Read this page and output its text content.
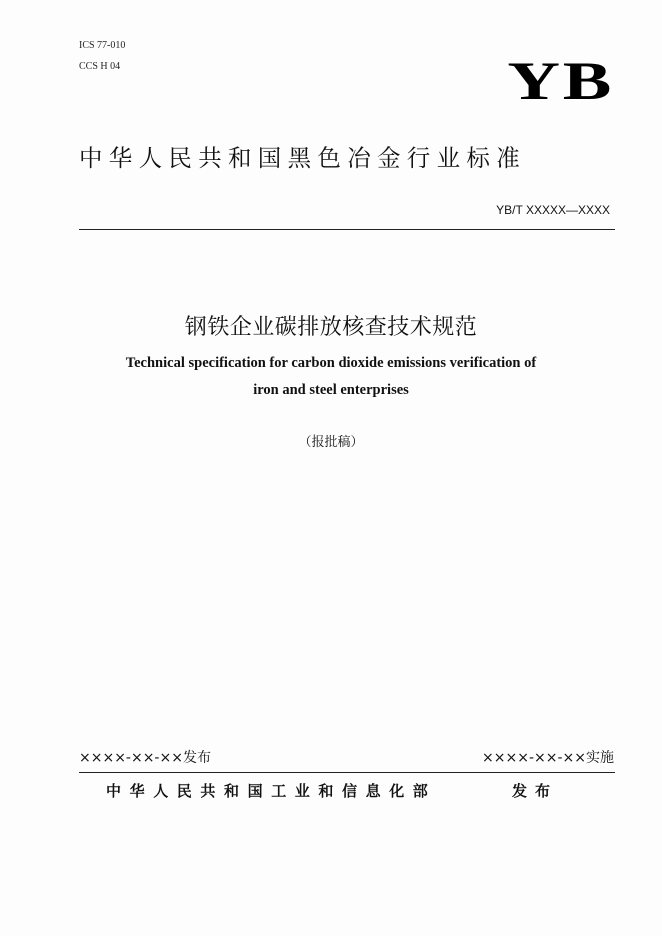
ICS 77-010
CCS H 04	YB
中华人民共和国黑色冶金行业标准
YB/T XXXXX—XXXX
钢铁企业碳排放核查技术规范
Technical specification for carbon dioxide emissions verification of
iron and steel enterprises
（报批稿）
××××-××-××发布	××××-××-××实施
中华人民共和国工业和信息化部	发布
